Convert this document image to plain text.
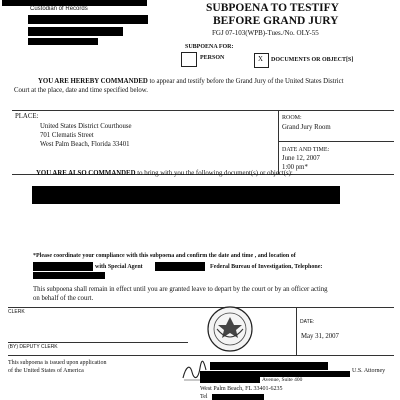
Custodian of Records	SUBPOENA TO TESTIFY
BEFORE GRAND JURY
FGJ 07-103(WPB)-Tues./No. OLY-55
SUBPOENA FOR:
PERSON	X DOCUMENTS OR OBJECT[S]
YOU ARE HEREBY COMMANDED to appear and testify before the Grand Jury of the United States District
Court at the place, date and time specified below.
PLACE:
United States District Courthouse
701 Clematis Street
West Palm Beach, Florida 33401
ROOM:
Grand Jury Room
DATE AND TIME:
June 12, 2007
1:00 pm*
YOU ARE ALSO COMMANDED to bring with you the following document(s) or object(s):
*Please coordinate your compliance with this subpoena and confirm the date and time , and location of
with Special Agent	Federal Bureau of Investigation, Telephone:
This subpoena shall remain in effect until you are granted leave to depart by the court or by an officer acting
on behalf of the court.
CLERK
(BY) DEPUTY CLERK
DATE:
May 31, 2007
This subpoena is issued upon application
of the United States of America	U.S. Attorney
Avenue, Suite 400
West Palm Beach, FL 33401-6235
Tel
